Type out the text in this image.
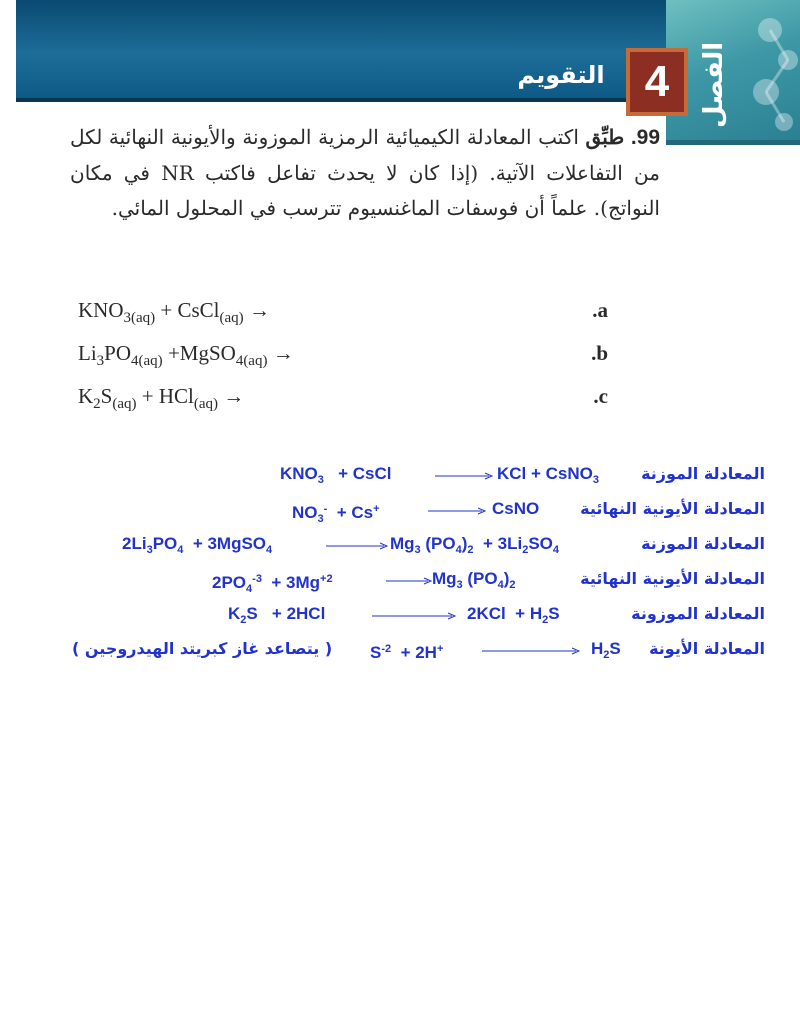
الفصل
4
التقويم
99. طبِّق اكتب المعادلة الكيميائية الرمزية الموزونة والأيونية النهائية لكل من التفاعلات الآتية. (إذا كان لا يحدث تفاعل فاكتب NR في مكان النواتج). علماً أن فوسفات الماغنسيوم تترسب في المحلول المائي.
$KNO_{3(aq)}$ + CsCl$_{(aq)}$ →	.a
$Li_3PO_{4(aq)}$ +MgSO$_{4(aq)}$ →	.b
$K_2S_{(aq)} + HCl_{(aq)}$ →	.c
المعادلة الموزنة
$KNO_3$   + CsCl	KCl + CsNO$_3$
المعادلة الأيونية النهائية
$NO_3^- + Cs^+$	CsNO
المعادلة الموزنة
$2Li_3PO_4$  + 3MgSO$_4$	$Mg_3$ $(PO_4)_2 + 3Li_2SO_4$
المعادلة الأيونية النهائية
$2PO_4^{-3} + 3Mg^{+2}$	$Mg_3$ $(PO_4)_2$
المعادلة الموزونة
$K_2S + 2HCl$	$2KCl + H_2S$
المعادلة الأيونة
( يتصاعد غاز كبريتد الهيدروجين ) $S^{-2} + 2H^+$	$H_2S$
